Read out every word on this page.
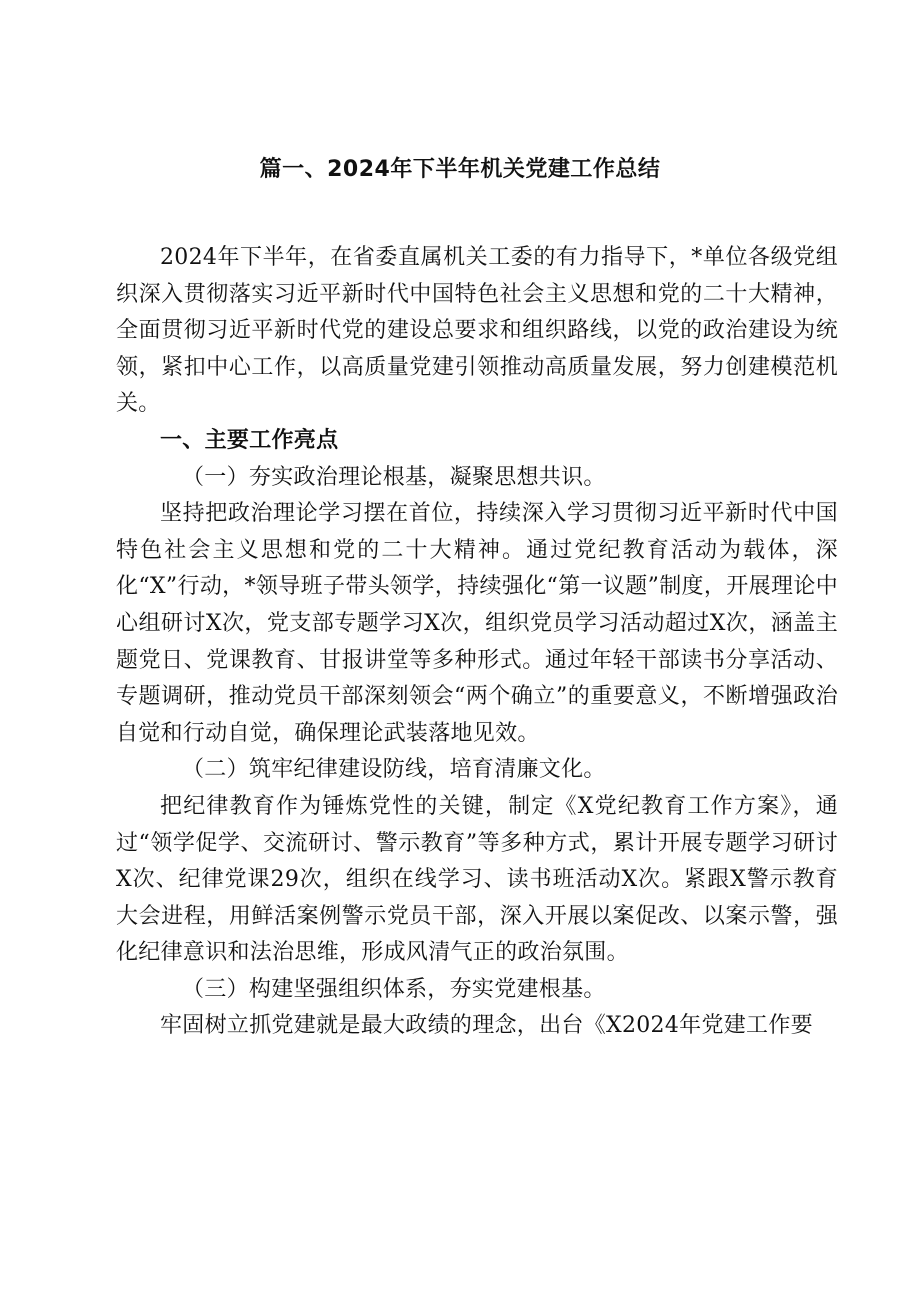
篇一、2024年下半年机关党建工作总结

2024年下半年，在省委直属机关工委的有力指导下，*单位各级党组织深入贯彻落实习近平新时代中国特色社会主义思想和党的二十大精神，全面贯彻习近平新时代党的建设总要求和组织路线，以党的政治建设为统领，紧扣中心工作，以高质量党建引领推动高质量发展，努力创建模范机关。

一、主要工作亮点

（一）夯实政治理论根基，凝聚思想共识。

坚持把政治理论学习摆在首位，持续深入学习贯彻习近平新时代中国特色社会主义思想和党的二十大精神。通过党纪教育活动为载体，深化“X”行动，*领导班子带头领学，持续强化“第一议题”制度，开展理论中心组研讨X次，党支部专题学习X次，组织党员学习活动超过X次，涵盖主题党日、党课教育、甘报讲堂等多种形式。通过年轻干部读书分享活动、专题调研，推动党员干部深刻领会“两个确立”的重要意义，不断增强政治自觉和行动自觉，确保理论武装落地见效。

（二）筑牢纪律建设防线，培育清廉文化。

把纪律教育作为锤炼党性的关键，制定《X党纪教育工作方案》，通过“领学促学、交流研讨、警示教育”等多种方式，累计开展专题学习研讨X次、纪律党课29次，组织在线学习、读书班活动X次。紧跟X警示教育大会进程，用鲜活案例警示党员干部，深入开展以案促改、以案示警，强化纪律意识和法治思维，形成风清气正的政治氛围。

（三）构建坚强组织体系，夯实党建根基。

牢固树立抓党建就是最大政绩的理念，出台《X2024年党建工作要
